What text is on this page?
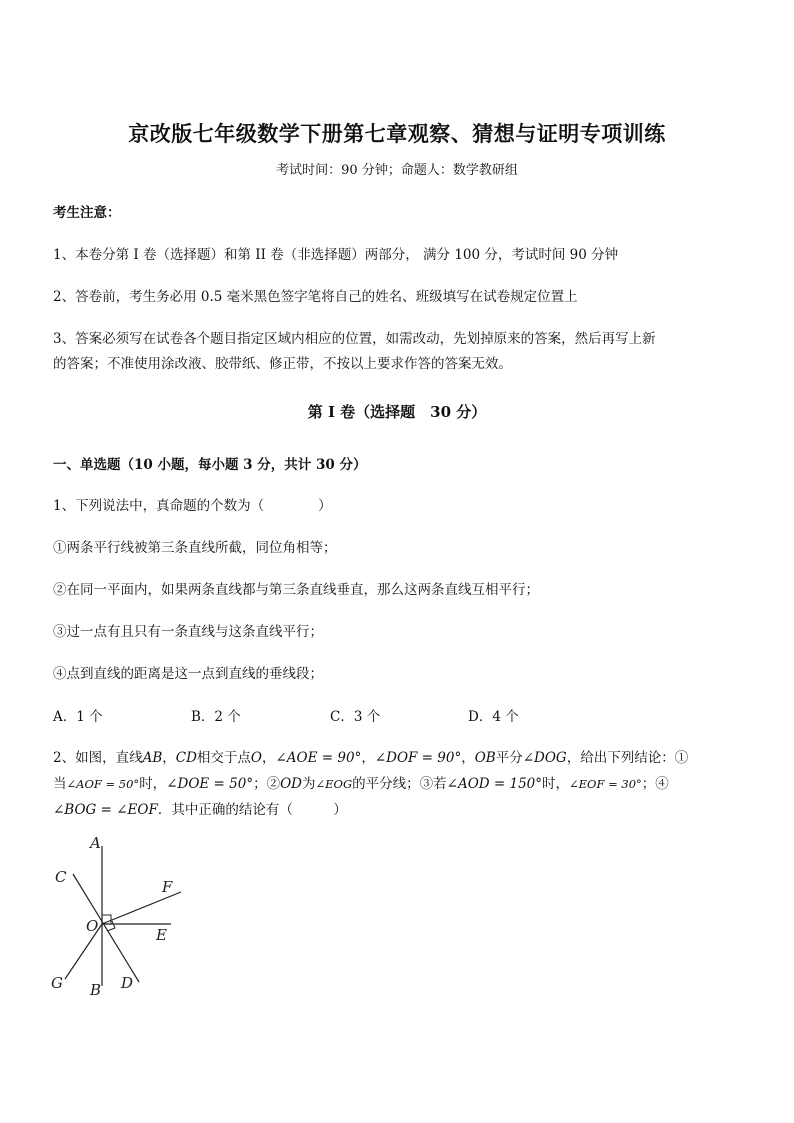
京改版七年级数学下册第七章观察、猜想与证明专项训练
考试时间：90 分钟；命题人：数学教研组
考生注意：
1、本卷分第 I 卷（选择题）和第 II 卷（非选择题）两部分， 满分 100 分，考试时间 90 分钟
2、答卷前，考生务必用 0.5 毫米黑色签字笔将自己的姓名、班级填写在试卷规定位置上
3、答案必须写在试卷各个题目指定区域内相应的位置，如需改动，先划掉原来的答案，然后再写上新
的答案；不准使用涂改液、胶带纸、修正带，不按以上要求作答的答案无效。
第 I 卷（选择题　30 分）
一、单选题（10 小题，每小题 3 分，共计 30 分）
1、下列说法中，真命题的个数为（　　　　）
①两条平行线被第三条直线所截，同位角相等；
②在同一平面内，如果两条直线都与第三条直线垂直，那么这两条直线互相平行；
③过一点有且只有一条直线与这条直线平行；
④点到直线的距离是这一点到直线的垂线段；
A．1 个	B．2 个	C．3 个	D．4 个
2、如图，直线AB，CD相交于点O，∠AOE = 90°，∠DOF = 90°，OB平分∠DOG，给出下列结论：①
当∠AOF = 50°时，∠DOE = 50°；②OD为∠EOG的平分线；③若∠AOD = 150°时，∠EOF = 30°；④
∠BOG = ∠EOF．其中正确的结论有（　　　）
A
C
F
O	E
G B D
